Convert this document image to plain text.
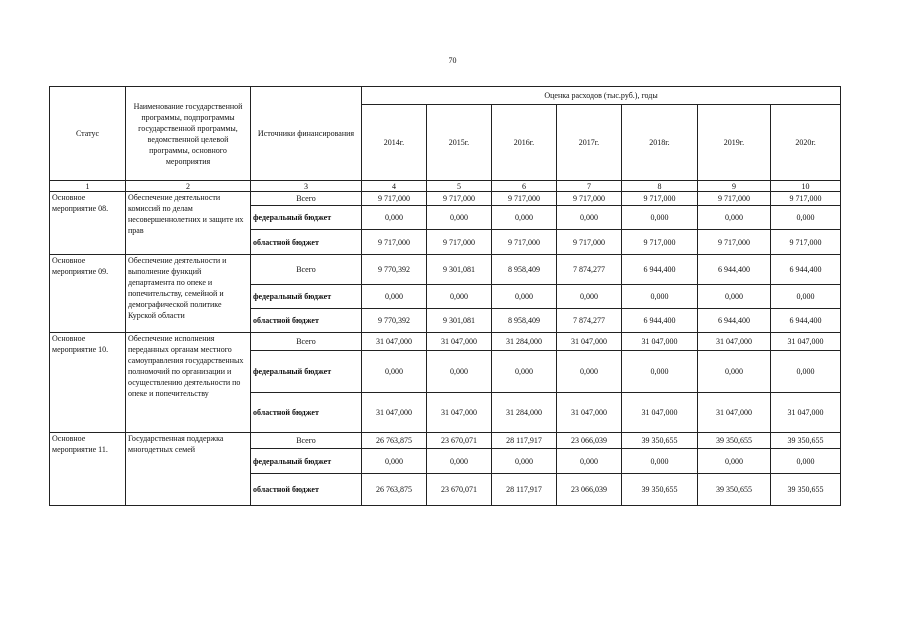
70
Статус	Наименование государственной программы, подпрограммы государственной программы, ведомственной целевой программы, основного мероприятия	Источники финансирования	Оценка расходов (тыс.руб.), годы						
			2014г.	2015г.	2016г.	2017г.	2018г.	2019г.	2020г.
1	2	3	4	5	6	7	8	9	10
Основное мероприятие 08.	Обеспечение деятельности комиссий по делам несовершеннолетних и защите их прав	Всего	9 717,000	9 717,000	9 717,000	9 717,000	9 717,000	9 717,000	9 717,000
		федеральный бюджет	0,000	0,000	0,000	0,000	0,000	0,000	0,000
		областной бюджет	9 717,000	9 717,000	9 717,000	9 717,000	9 717,000	9 717,000	9 717,000
Основное мероприятие 09.	Обеспечение деятельности и выполнение функций департамента по опеке и попечительству, семейной и демографической политике Курской области	Всего	9 770,392	9 301,081	8 958,409	7 874,277	6 944,400	6 944,400	6 944,400
		федеральный бюджет	0,000	0,000	0,000	0,000	0,000	0,000	0,000
		областной бюджет	9 770,392	9 301,081	8 958,409	7 874,277	6 944,400	6 944,400	6 944,400
Основное мероприятие 10.	Обеспечение исполнения переданных органам местного самоуправления государственных полномочий по организации и осуществлению деятельности по опеке и попечительству	Всего	31 047,000	31 047,000	31 284,000	31 047,000	31 047,000	31 047,000	31 047,000
		федеральный бюджет	0,000	0,000	0,000	0,000	0,000	0,000	0,000
		областной бюджет	31 047,000	31 047,000	31 284,000	31 047,000	31 047,000	31 047,000	31 047,000
Основное мероприятие 11.	Государственная поддержка многодетных семей	Всего	26 763,875	23 670,071	28 117,917	23 066,039	39 350,655	39 350,655	39 350,655
		федеральный бюджет	0,000	0,000	0,000	0,000	0,000	0,000	0,000
		областной бюджет	26 763,875	23 670,071	28 117,917	23 066,039	39 350,655	39 350,655	39 350,655
